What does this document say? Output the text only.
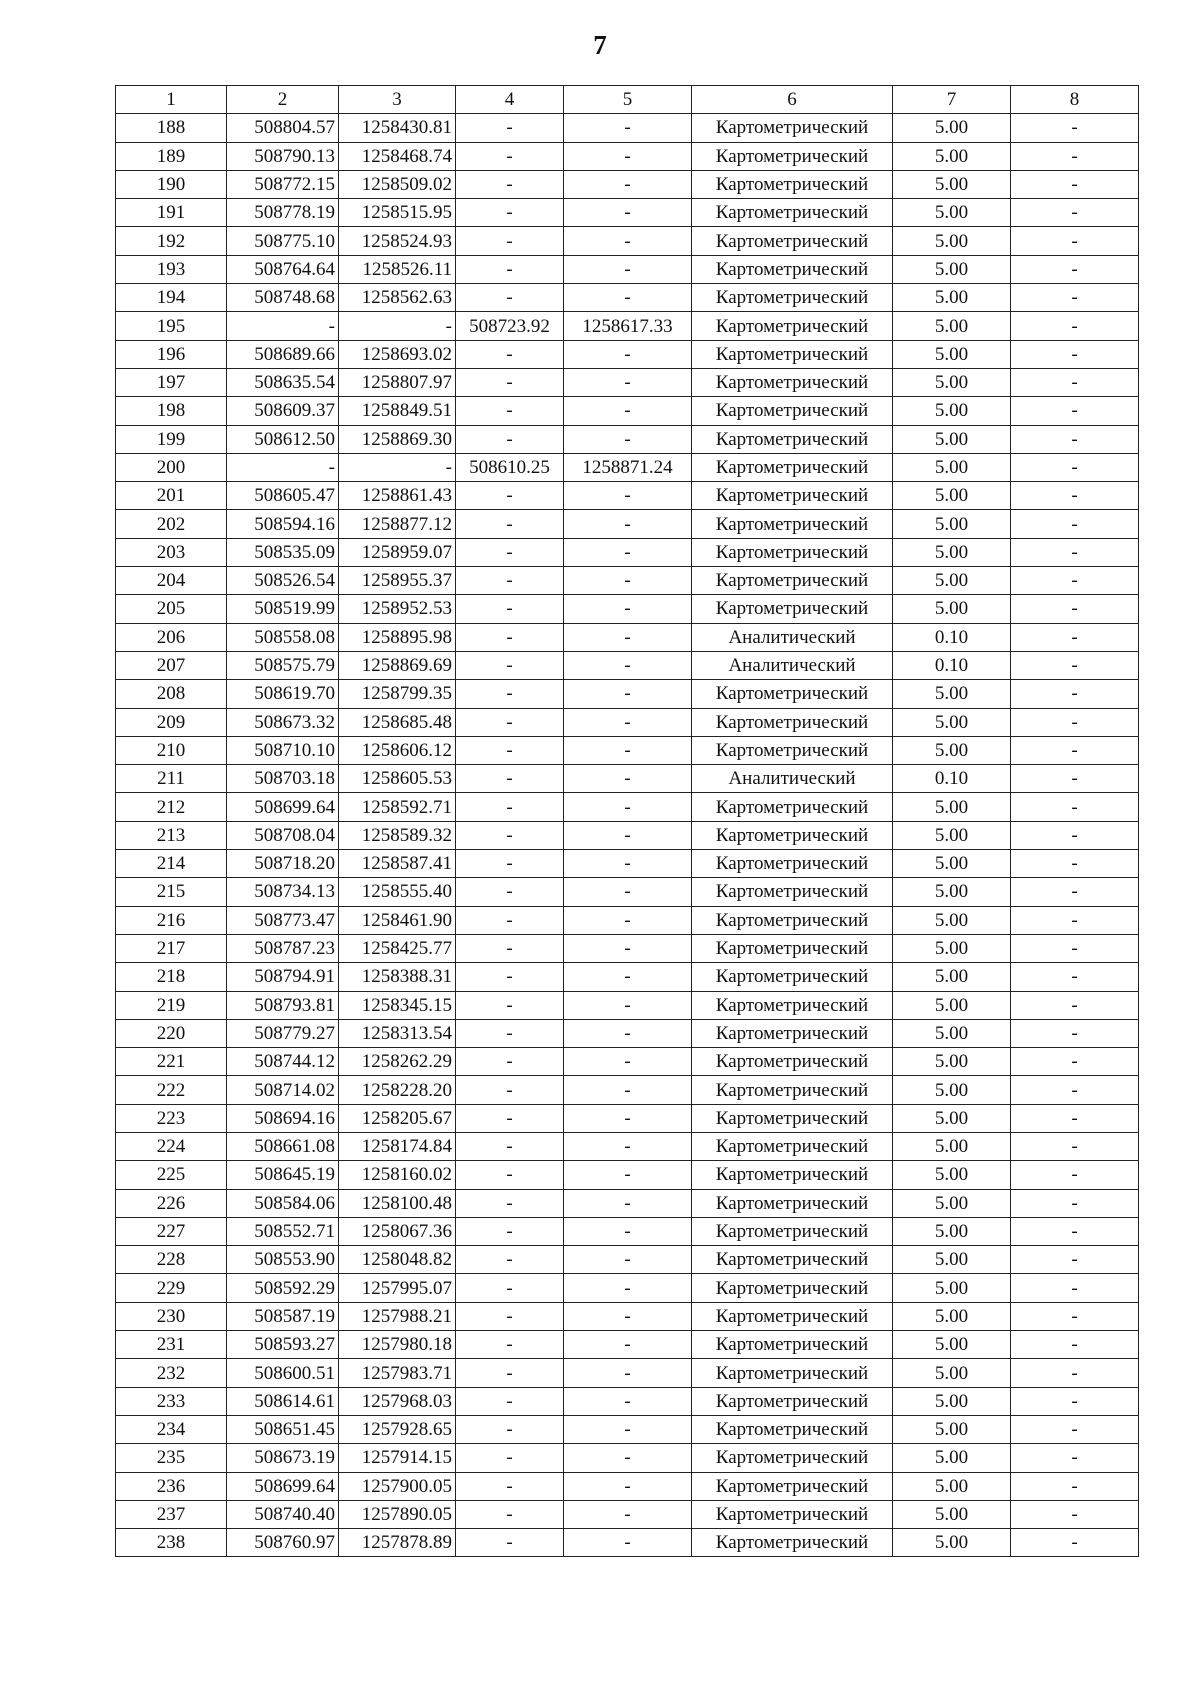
7
1	2	3	4	5	6	7	8
188	508804.57	1258430.81	-	-	Картометрический	5.00	-
189	508790.13	1258468.74	-	-	Картометрический	5.00	-
190	508772.15	1258509.02	-	-	Картометрический	5.00	-
191	508778.19	1258515.95	-	-	Картометрический	5.00	-
192	508775.10	1258524.93	-	-	Картометрический	5.00	-
193	508764.64	1258526.11	-	-	Картометрический	5.00	-
194	508748.68	1258562.63	-	-	Картометрический	5.00	-
195	-	-	508723.92	1258617.33	Картометрический	5.00	-
196	508689.66	1258693.02	-	-	Картометрический	5.00	-
197	508635.54	1258807.97	-	-	Картометрический	5.00	-
198	508609.37	1258849.51	-	-	Картометрический	5.00	-
199	508612.50	1258869.30	-	-	Картометрический	5.00	-
200	-	-	508610.25	1258871.24	Картометрический	5.00	-
201	508605.47	1258861.43	-	-	Картометрический	5.00	-
202	508594.16	1258877.12	-	-	Картометрический	5.00	-
203	508535.09	1258959.07	-	-	Картометрический	5.00	-
204	508526.54	1258955.37	-	-	Картометрический	5.00	-
205	508519.99	1258952.53	-	-	Картометрический	5.00	-
206	508558.08	1258895.98	-	-	Аналитический	0.10	-
207	508575.79	1258869.69	-	-	Аналитический	0.10	-
208	508619.70	1258799.35	-	-	Картометрический	5.00	-
209	508673.32	1258685.48	-	-	Картометрический	5.00	-
210	508710.10	1258606.12	-	-	Картометрический	5.00	-
211	508703.18	1258605.53	-	-	Аналитический	0.10	-
212	508699.64	1258592.71	-	-	Картометрический	5.00	-
213	508708.04	1258589.32	-	-	Картометрический	5.00	-
214	508718.20	1258587.41	-	-	Картометрический	5.00	-
215	508734.13	1258555.40	-	-	Картометрический	5.00	-
216	508773.47	1258461.90	-	-	Картометрический	5.00	-
217	508787.23	1258425.77	-	-	Картометрический	5.00	-
218	508794.91	1258388.31	-	-	Картометрический	5.00	-
219	508793.81	1258345.15	-	-	Картометрический	5.00	-
220	508779.27	1258313.54	-	-	Картометрический	5.00	-
221	508744.12	1258262.29	-	-	Картометрический	5.00	-
222	508714.02	1258228.20	-	-	Картометрический	5.00	-
223	508694.16	1258205.67	-	-	Картометрический	5.00	-
224	508661.08	1258174.84	-	-	Картометрический	5.00	-
225	508645.19	1258160.02	-	-	Картометрический	5.00	-
226	508584.06	1258100.48	-	-	Картометрический	5.00	-
227	508552.71	1258067.36	-	-	Картометрический	5.00	-
228	508553.90	1258048.82	-	-	Картометрический	5.00	-
229	508592.29	1257995.07	-	-	Картометрический	5.00	-
230	508587.19	1257988.21	-	-	Картометрический	5.00	-
231	508593.27	1257980.18	-	-	Картометрический	5.00	-
232	508600.51	1257983.71	-	-	Картометрический	5.00	-
233	508614.61	1257968.03	-	-	Картометрический	5.00	-
234	508651.45	1257928.65	-	-	Картометрический	5.00	-
235	508673.19	1257914.15	-	-	Картометрический	5.00	-
236	508699.64	1257900.05	-	-	Картометрический	5.00	-
237	508740.40	1257890.05	-	-	Картометрический	5.00	-
238	508760.97	1257878.89	-	-	Картометрический	5.00	-
